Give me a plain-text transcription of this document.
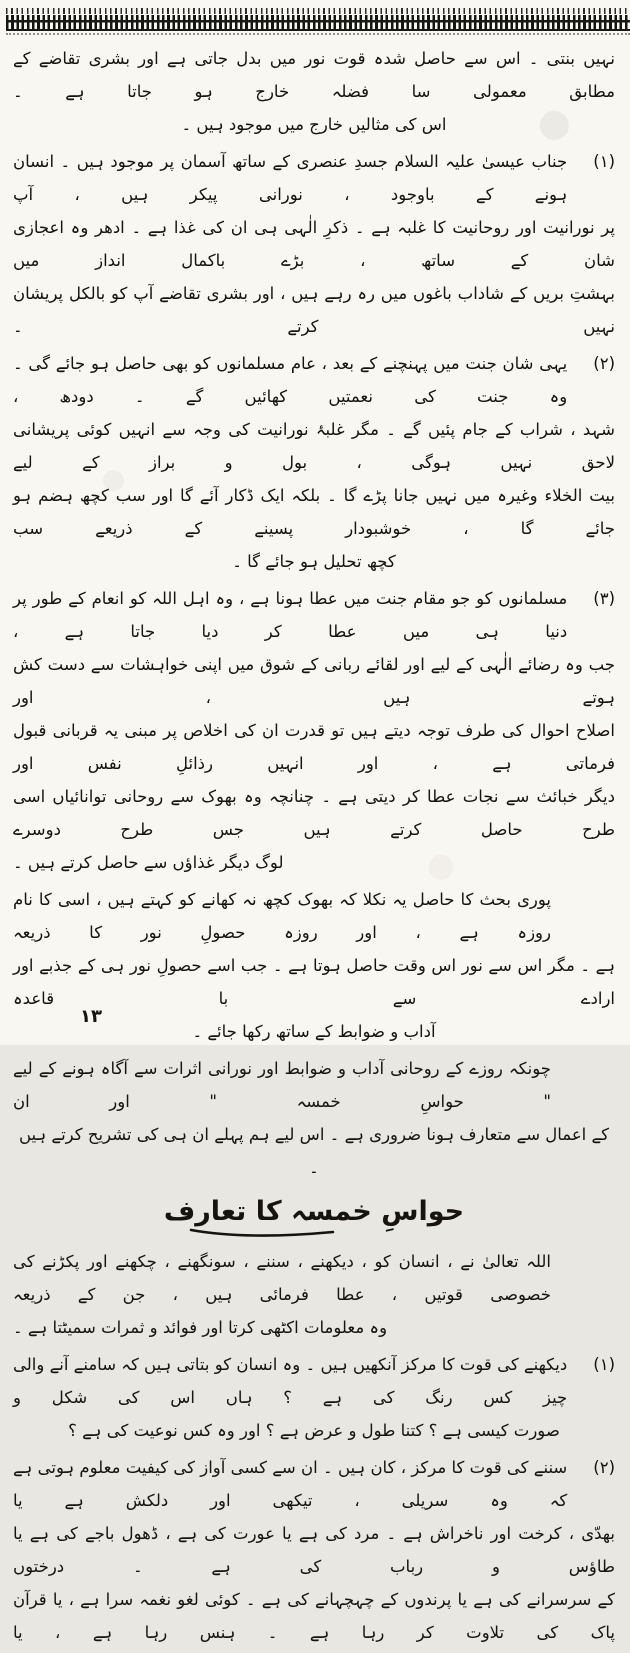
نہیں بنتی ۔ اس سے حاصل شدہ قوت نور میں بدل جاتی ہے اور بشری تقاضے کے مطابق معمولی سا فضلہ خارج ہو جاتا ہے ۔
اس کی مثالیں خارج میں موجود ہیں ۔
(۱)
جناب عیسیٰ علیہ السلام جسدِ عنصری کے ساتھ آسمان پر موجود ہیں ۔ انسان ہونے کے باوجود ، نورانی پیکر ہیں ، آپ
پر نورانیت اور روحانیت کا غلبہ ہے ۔ ذکرِ الٰہی ہی ان کی غذا ہے ۔ ادھر وہ اعجازی شان کے ساتھ ، بڑے باکمال انداز میں
بہشتِ بریں کے شاداب باغوں میں رہ رہے ہیں ، اور بشری تقاضے آپ کو بالکل پریشان نہیں کرتے ۔
(۲)
یہی شان جنت میں پہنچنے کے بعد ، عام مسلمانوں کو بھی حاصل ہو جائے گی ۔ وہ جنت کی نعمتیں کھائیں گے ۔ دودھ ،
شہد ، شراب کے جام پئیں گے ۔ مگر غلبۂ نورانیت کی وجہ سے انہیں کوئی پریشانی لاحق نہیں ہوگی ، بول و براز کے لیے
بیت الخلاء وغیرہ میں نہیں جانا پڑے گا ۔ بلکہ ایک ڈکار آئے گا اور سب کچھ ہضم ہو جائے گا ، خوشبودار پسینے کے ذریعے سب
کچھ تحلیل ہو جائے گا ۔
(۳)
مسلمانوں کو جو مقام جنت میں عطا ہونا ہے ، وہ اہل اللہ کو انعام کے طور پر دنیا ہی میں عطا کر دیا جاتا ہے ،
جب وہ رضائے الٰہی کے لیے اور لقائے ربانی کے شوق میں اپنی خواہشات سے دست کش ہوتے ہیں ، اور
اصلاح احوال کی طرف توجہ دیتے ہیں تو قدرت ان کی اخلاص پر مبنی یہ قربانی قبول فرماتی ہے ، اور انہیں رذائلِ نفس اور
دیگر خبائث سے نجات عطا کر دیتی ہے ۔ چنانچہ وہ بھوک سے روحانی توانائیاں اسی طرح حاصل کرتے ہیں جس طرح دوسرے
لوگ دیگر غذاؤں سے حاصل کرتے ہیں ۔
پوری بحث کا حاصل یہ نکلا کہ بھوک کچھ نہ کھانے کو کہتے ہیں ، اسی کا نام روزہ ہے ، اور روزہ حصولِ نور کا ذریعہ
ہے ۔ مگر اس سے نور اس وقت حاصل ہوتا ہے ۔ جب اسے حصولِ نور ہی کے جذبے اور ارادے سے با قاعدہ
آداب و ضوابط کے ساتھ رکھا جائے ۔
چونکہ روزے کے روحانی آداب و ضوابط اور نورانی اثرات سے آگاہ ہونے کے لیے " حواسِ خمسہ " اور ان
کے اعمال سے متعارف ہونا ضروری ہے ۔ اس لیے ہم پہلے ان ہی کی تشریح کرتے ہیں ۔
حواسِ خمسہ کا تعارف
اللہ تعالیٰ نے ، انسان کو ، دیکھنے ، سننے ، سونگھنے ، چکھنے اور پکڑنے کی خصوصی قوتیں ، عطا فرمائی ہیں ، جن کے ذریعہ
وہ معلومات اکٹھی کرتا اور فوائد و ثمرات سمیٹتا ہے ۔
(۱)
دیکھنے کی قوت کا مرکز آنکھیں ہیں ۔ وہ انسان کو بتاتی ہیں کہ سامنے آنے والی چیز کس رنگ کی ہے ؟ ہاں اس کی شکل و
صورت کیسی ہے ؟ کتنا طول و عرض ہے ؟ اور وہ کس نوعیت کی ہے ؟
(۲)
سننے کی قوت کا مرکز ، کان ہیں ۔ ان سے کسی آواز کی کیفیت معلوم ہوتی ہے کہ وہ سریلی ، تیکھی اور دلکش ہے یا
بھدّی ، کرخت اور ناخراش ہے ۔ مرد کی ہے یا عورت کی ہے ، ڈھول باجے کی ہے یا طاؤس و رباب کی ہے ۔ درختوں
کے سرسرانے کی ہے یا پرندوں کے چہچہانے کی ہے ۔ کوئی لغو نغمہ سرا ہے ، یا قرآن پاک کی تلاوت کر رہا ہے ۔ ہنس رہا ہے ، یا
۱۳
